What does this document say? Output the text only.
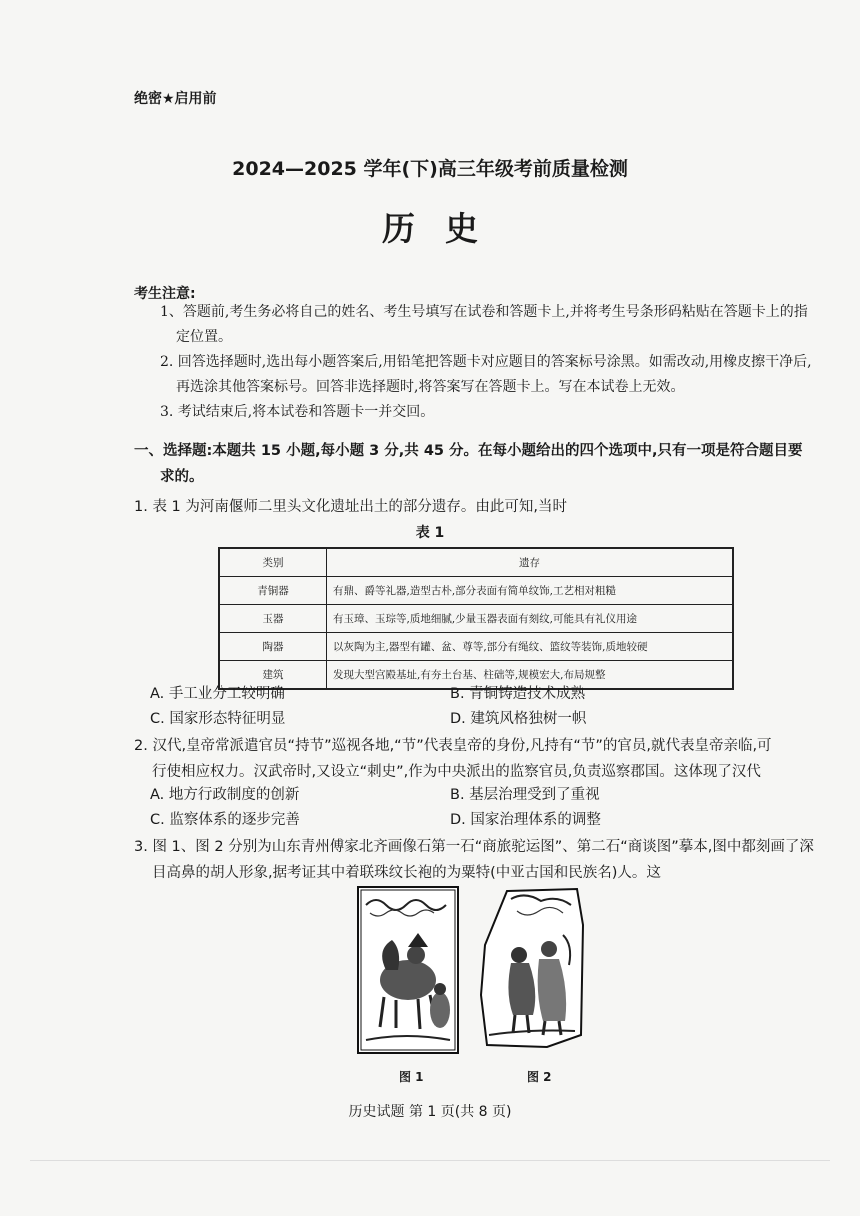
绝密★启用前
2024—2025 学年(下)高三年级考前质量检测
历史
考生注意:

1、答题前,考生务必将自己的姓名、考生号填写在试卷和答题卡上,并将考生号条形码粘贴在答题卡上的指定位置。

2. 回答选择题时,选出每小题答案后,用铅笔把答题卡对应题目的答案标号涂黑。如需改动,用橡皮擦干净后,再选涂其他答案标号。回答非选择题时,将答案写在答题卡上。写在本试卷上无效。

3. 考试结束后,将本试卷和答题卡一并交回。

一、选择题:本题共 15 小题,每小题 3 分,共 45 分。在每小题给出的四个选项中,只有一项是符合题目要
求的。

1. 表 1 为河南偃师二里头文化遗址出土的部分遗存。由此可知,当时

表 1
类别	遗存
青铜器	有鼎、爵等礼器,造型古朴,部分表面有简单纹饰,工艺相对粗糙
玉器	有玉璋、玉琮等,质地细腻,少量玉器表面有刻纹,可能具有礼仪用途
陶器	以灰陶为主,器型有罐、盆、尊等,部分有绳纹、篮纹等装饰,质地较硬
建筑	发现大型宫殿基址,有夯土台基、柱础等,规模宏大,布局规整
A. 手工业分工较明确	B. 青铜铸造技术成熟
C. 国家形态特征明显	D. 建筑风格独树一帜

2. 汉代,皇帝常派遣官员“持节”巡视各地,“节”代表皇帝的身份,凡持有“节”的官员,就代表皇帝亲临,可

行使相应权力。汉武帝时,又设立“刺史”,作为中央派出的监察官员,负责巡察郡国。这体现了汉代

A. 地方行政制度的创新	B. 基层治理受到了重视
C. 监察体系的逐步完善	D. 国家治理体系的调整

3. 图 1、图 2 分别为山东青州傅家北齐画像石第一石“商旅驼运图”、第二石“商谈图”摹本,图中都刻画了深

目高鼻的胡人形象,据考证其中着联珠纹长袍的为粟特(中亚古国和民族名)人。这

图 1	图 2
历史试题 第 1 页(共 8 页)
